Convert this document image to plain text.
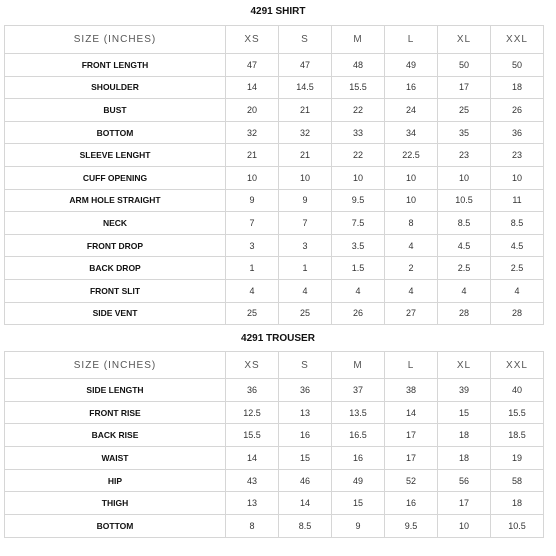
4291 SHIRT
SIZE (INCHES)	XS	S	M	L	XL	XXL
FRONT LENGTH	47	47	48	49	50	50
SHOULDER	14	14.5	15.5	16	17	18
BUST	20	21	22	24	25	26
BOTTOM	32	32	33	34	35	36
SLEEVE LENGHT	21	21	22	22.5	23	23
CUFF OPENING	10	10	10	10	10	10
ARM HOLE STRAIGHT	9	9	9.5	10	10.5	11
NECK	7	7	7.5	8	8.5	8.5
FRONT DROP	3	3	3.5	4	4.5	4.5
BACK DROP	1	1	1.5	2	2.5	2.5
FRONT SLIT	4	4	4	4	4	4
SIDE VENT	25	25	26	27	28	28
4291 TROUSER
SIZE (INCHES)	XS	S	M	L	XL	XXL
SIDE LENGTH	36	36	37	38	39	40
FRONT RISE	12.5	13	13.5	14	15	15.5
BACK RISE	15.5	16	16.5	17	18	18.5
WAIST	14	15	16	17	18	19
HIP	43	46	49	52	56	58
THIGH	13	14	15	16	17	18
BOTTOM	8	8.5	9	9.5	10	10.5
